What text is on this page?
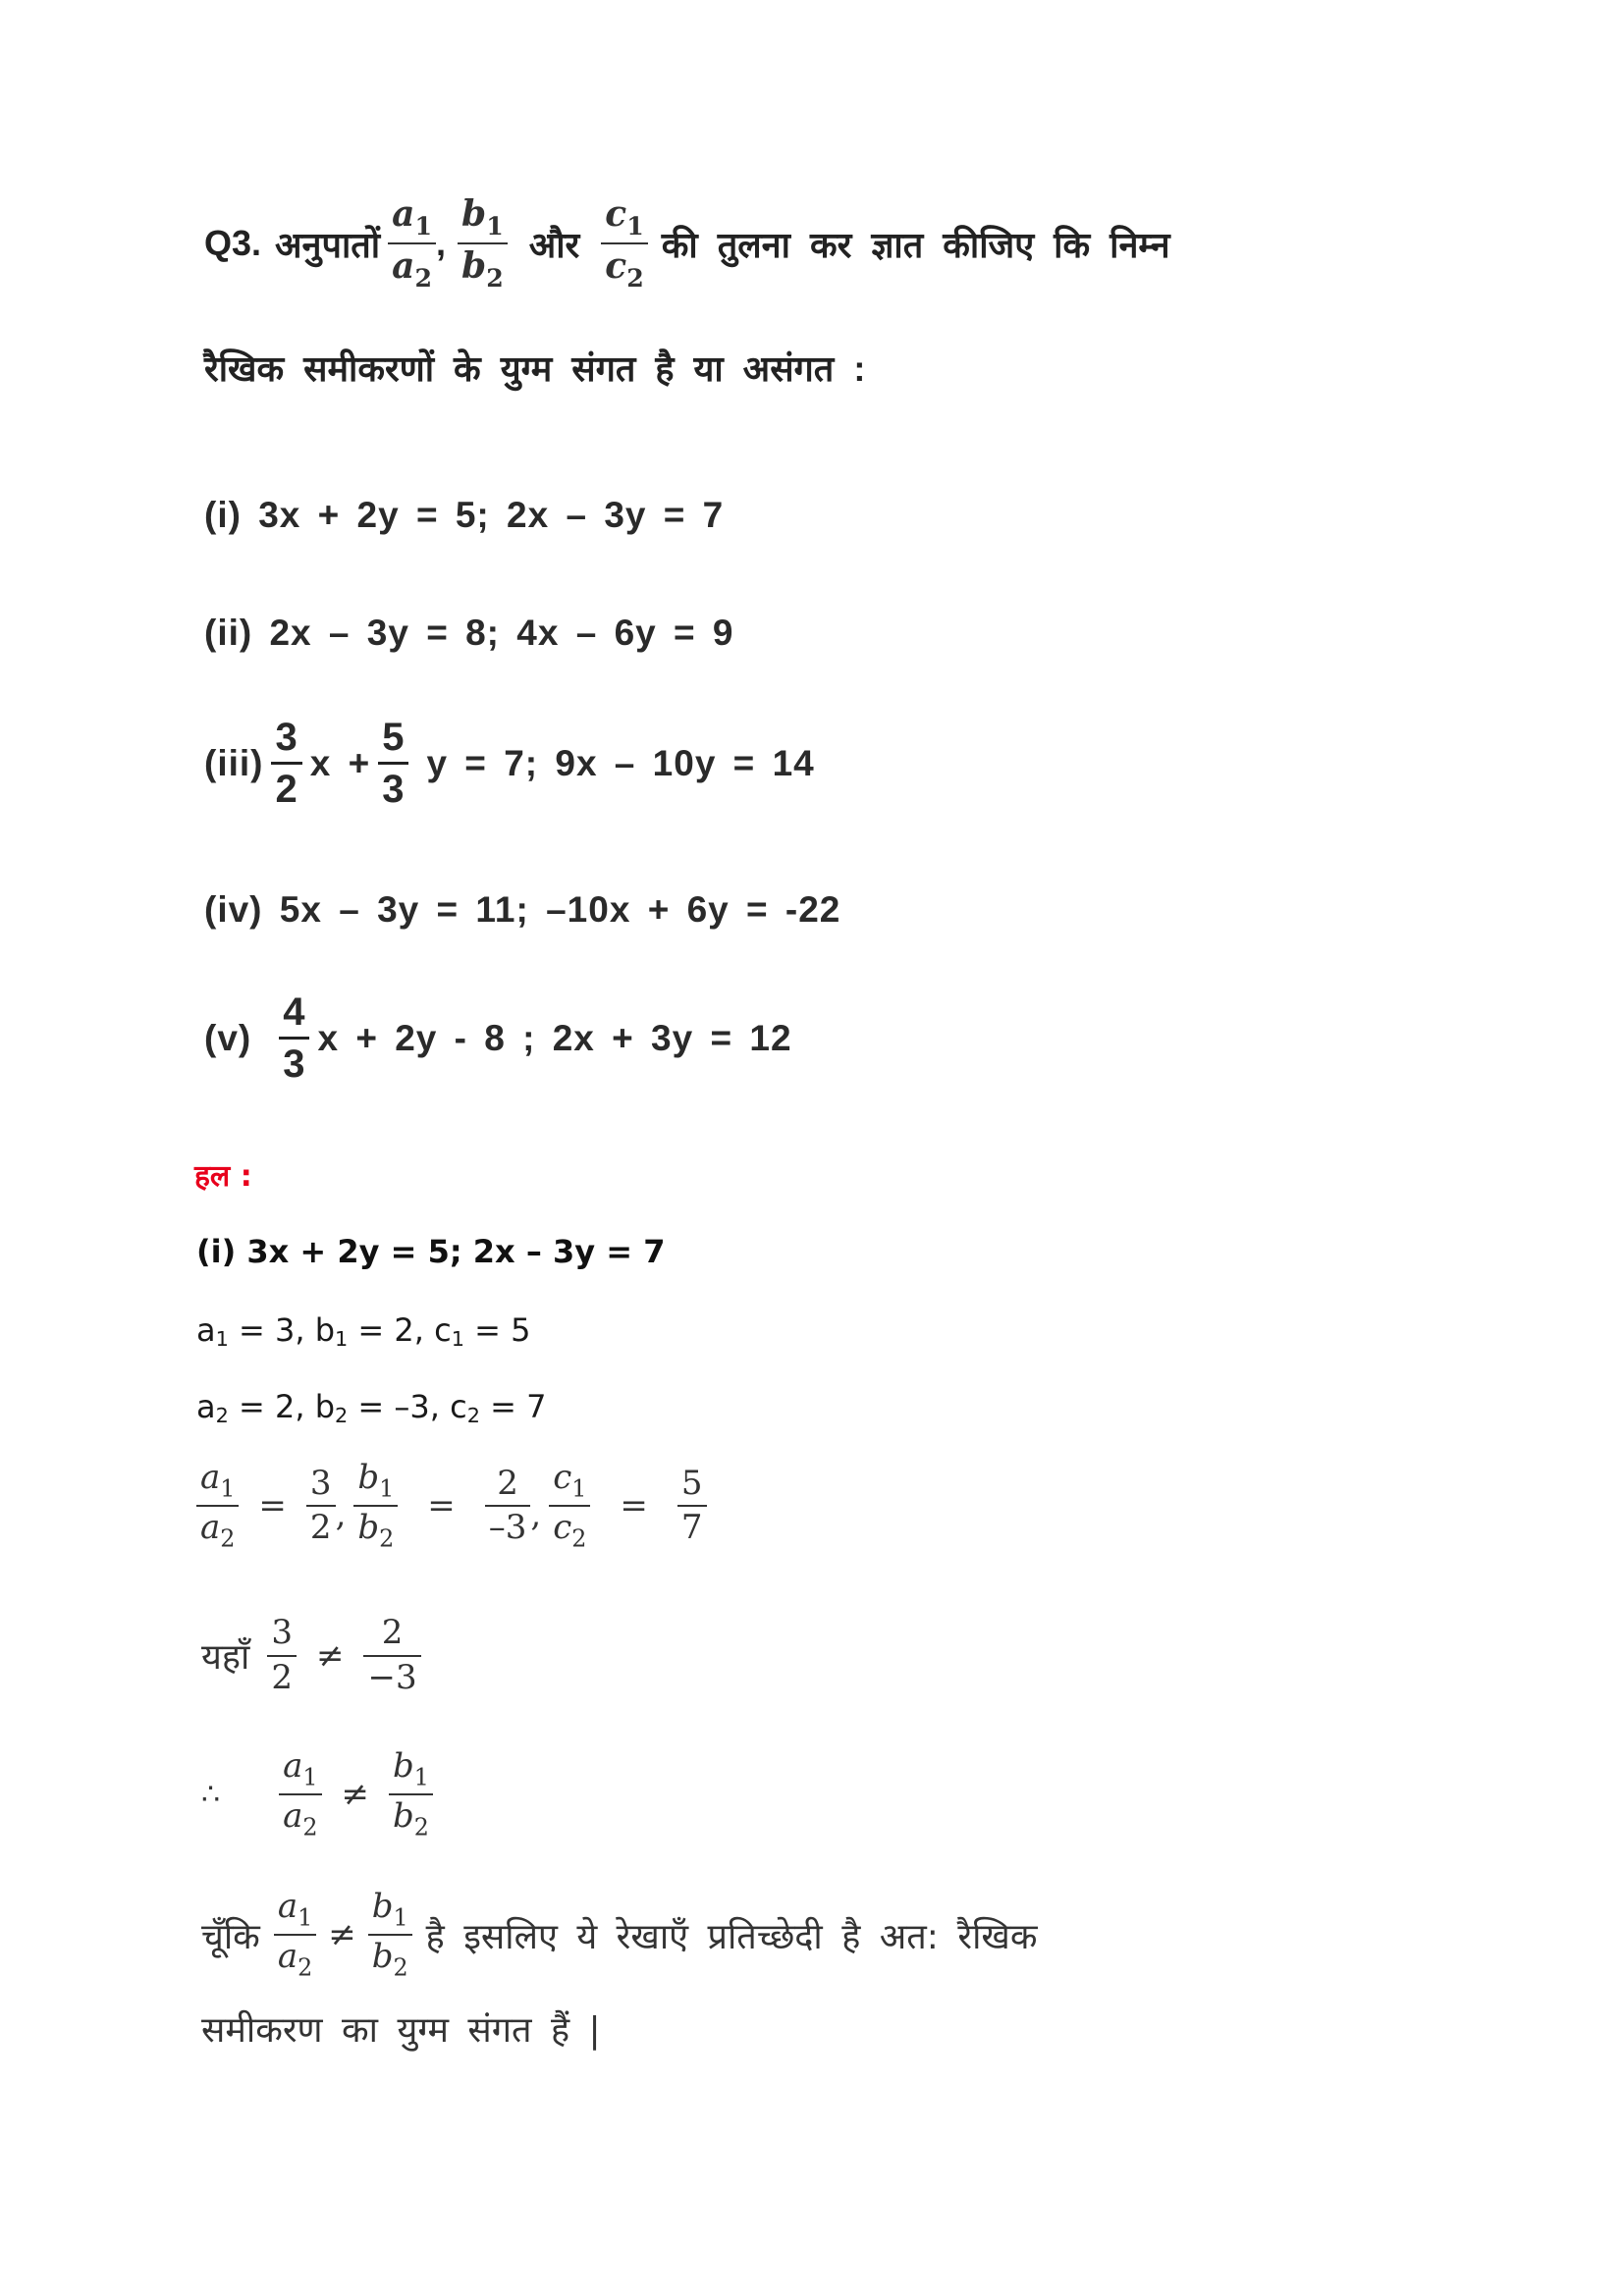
Q3. अनुपातों $\frac{a_1}{a_2}$ , $\frac{b_1}{b_2}$ और $\frac{c_1}{c_2}$ की तुलना कर ज्ञात कीजिए कि निम्न
रैखिक समीकरणों के युग्म संगत है या असंगत :
(i) 3x + 2y = 5; 2x – 3y = 7
(ii) 2x – 3y = 8; 4x – 6y = 9
$(iii) \frac{3}{2}$ $x + \frac{5}{3}$ y = 7; 9x – 10y = 14
(iv) 5x – 3y = 11; –10x + 6y = -22
$(v) \frac{4}{3}$ x + 2y - 8 ; 2x + 3y = 12
हल :
(i) 3x + 2y = 5; 2x – 3y = 7
$a_1 = 3$, $b_1 = 2$, $c_1 = 5$
$a_2 = 2$, $b_2 = -3$, $c_2 = 7$
$\frac{a_1}{a_2} = \frac{3}{2}$ , $\frac{b_1}{b_2} = \frac{2}{-3}$ , $\frac{c_1}{c_2} = \frac{5}{7}$
यहाँ $\frac{3}{2} \ne \frac{2}{-3}$
∴ $\frac{a_1}{a_2} \ne \frac{b_1}{b_2}$
चूँकि $\frac{a_1}{a_2} \ne \frac{b_1}{b_2}$ है इसलिए ये रेखाएँ प्रतिच्छेदी है अत: रैखिक
समीकरण का युग्म संगत हैं |
